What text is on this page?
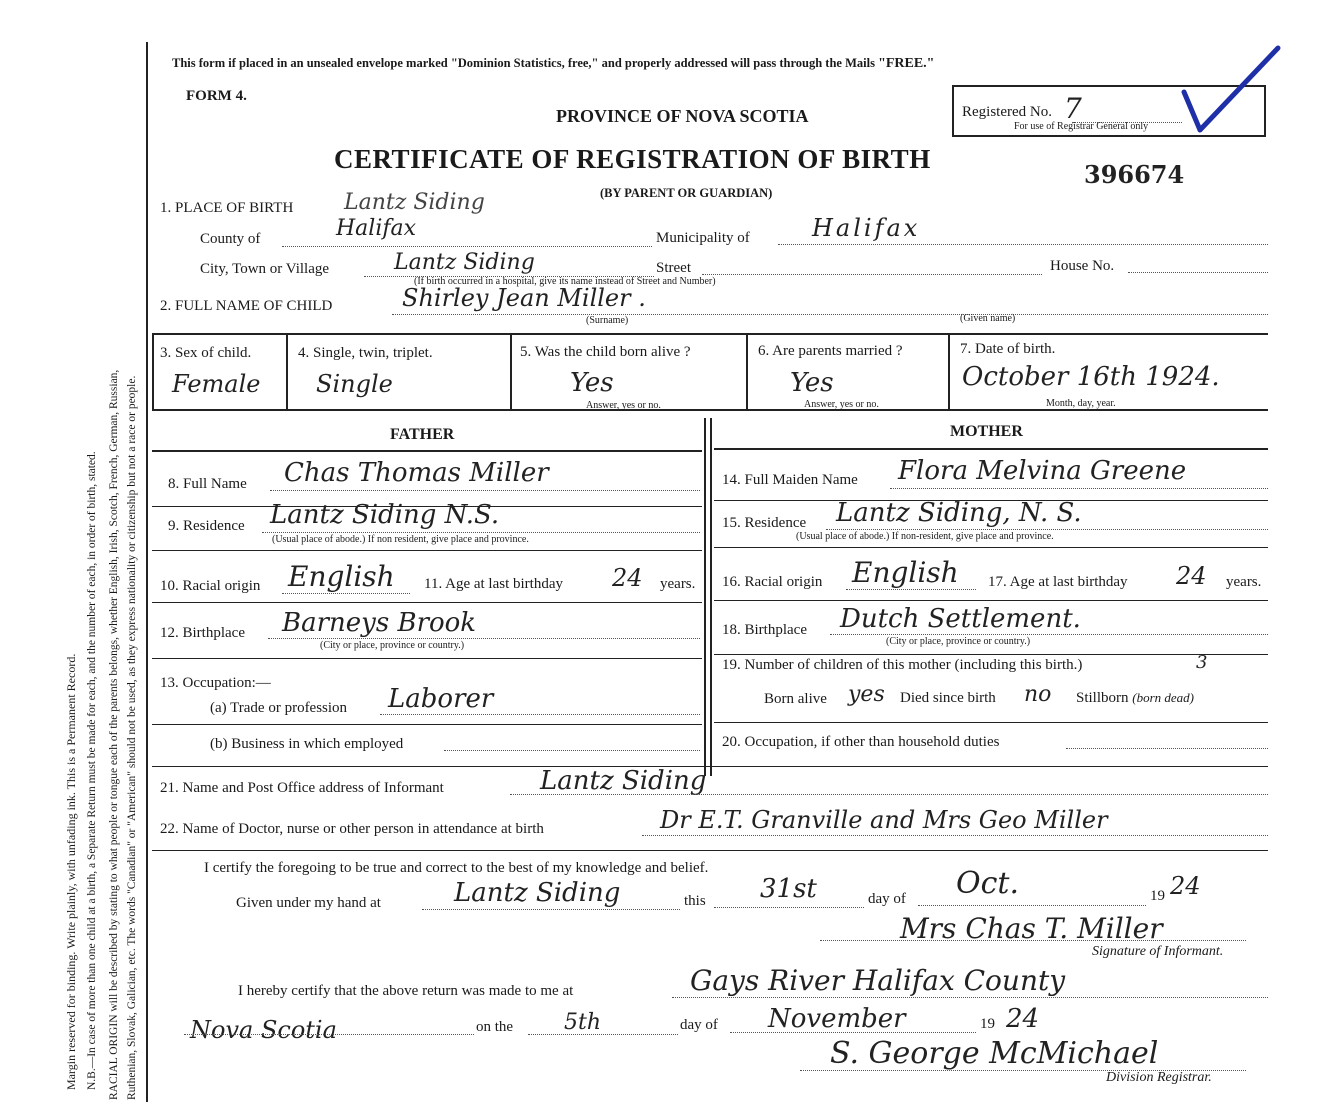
Margin reserved for binding. Write plainly, with unfading ink. This is a Permanent Record. N.B.—In case of more than one child at a birth, a Separate Return must be made for each, and the number of each, in order of birth, stated. RACIAL ORIGIN will be described by stating to what people or tongue each of the parents belongs, whether English, Irish, Scotch, French, German, Russian, Ruthenian, Slovak, Galician, etc. The words "Canadian" or "American" should not be used, as they express nationality or citizenship but not a race or people.
This form if placed in an unsealed envelope marked "Dominion Statistics, free," and properly addressed will pass through the Mails "FREE."
FORM 4.
PROVINCE OF NOVA SCOTIA
CERTIFICATE OF REGISTRATION OF BIRTH
(BY PARENT OR GUARDIAN)
Registered No. 7
For use of Registrar General only
396674
1. PLACE OF BIRTH Lantz Siding
County of	Halifax	Municipality of	Halifax
City, Town or Village	Lantz Siding	Street	House No.
(If birth occurred in a hospital, give its name instead of Street and Number)
2. FULL NAME OF CHILD	Shirley Jean Miller .
(Surname)	(Given name)
3. Sex of child.
Female
4. Single, twin, triplet.
Single
5. Was the child born alive ?
Yes
Answer, yes or no.
6. Are parents married ?
Yes
Answer, yes or no.
7. Date of birth.
October 16th 1924.
Month, day, year.
FATHER	MOTHER
8. Full Name Chas Thomas Miller
9. Residence Lantz Siding N.S.
(Usual place of abode.) If non resident, give place and province.
10. Racial origin English 11. Age at last birthday 24 years.
12. Birthplace Barneys Brook
(City or place, province or country.)
13. Occupation:—
(a) Trade or profession Laborer
(b) Business in which employed
14. Full Maiden Name Flora Melvina Greene
15. Residence Lantz Siding, N. S.
(Usual place of abode.) If non-resident, give place and province.
16. Racial origin English 17. Age at last birthday 24 years.
18. Birthplace Dutch Settlement.
(City or place, province or country.)
19. Number of children of this mother (including this birth.)	3
Born alive yes Died since birth no Stillborn (born dead)
20. Occupation, if other than household duties
21. Name and Post Office address of Informant	Lantz Siding
22. Name of Doctor, nurse or other person in attendance at birth	Dr E.T. Granville and Mrs Geo Miller
I certify the foregoing to be true and correct to the best of my knowledge and belief.
Given under my hand at	Lantz Siding	this 31st	day of Oct.	19 24
Mrs Chas T. Miller
Signature of Informant.
I hereby certify that the above return was made to me at	Gays River Halifax County
Nova Scotia	on the 5th	day of November	19 24
S. George McMichael
Division Registrar.
